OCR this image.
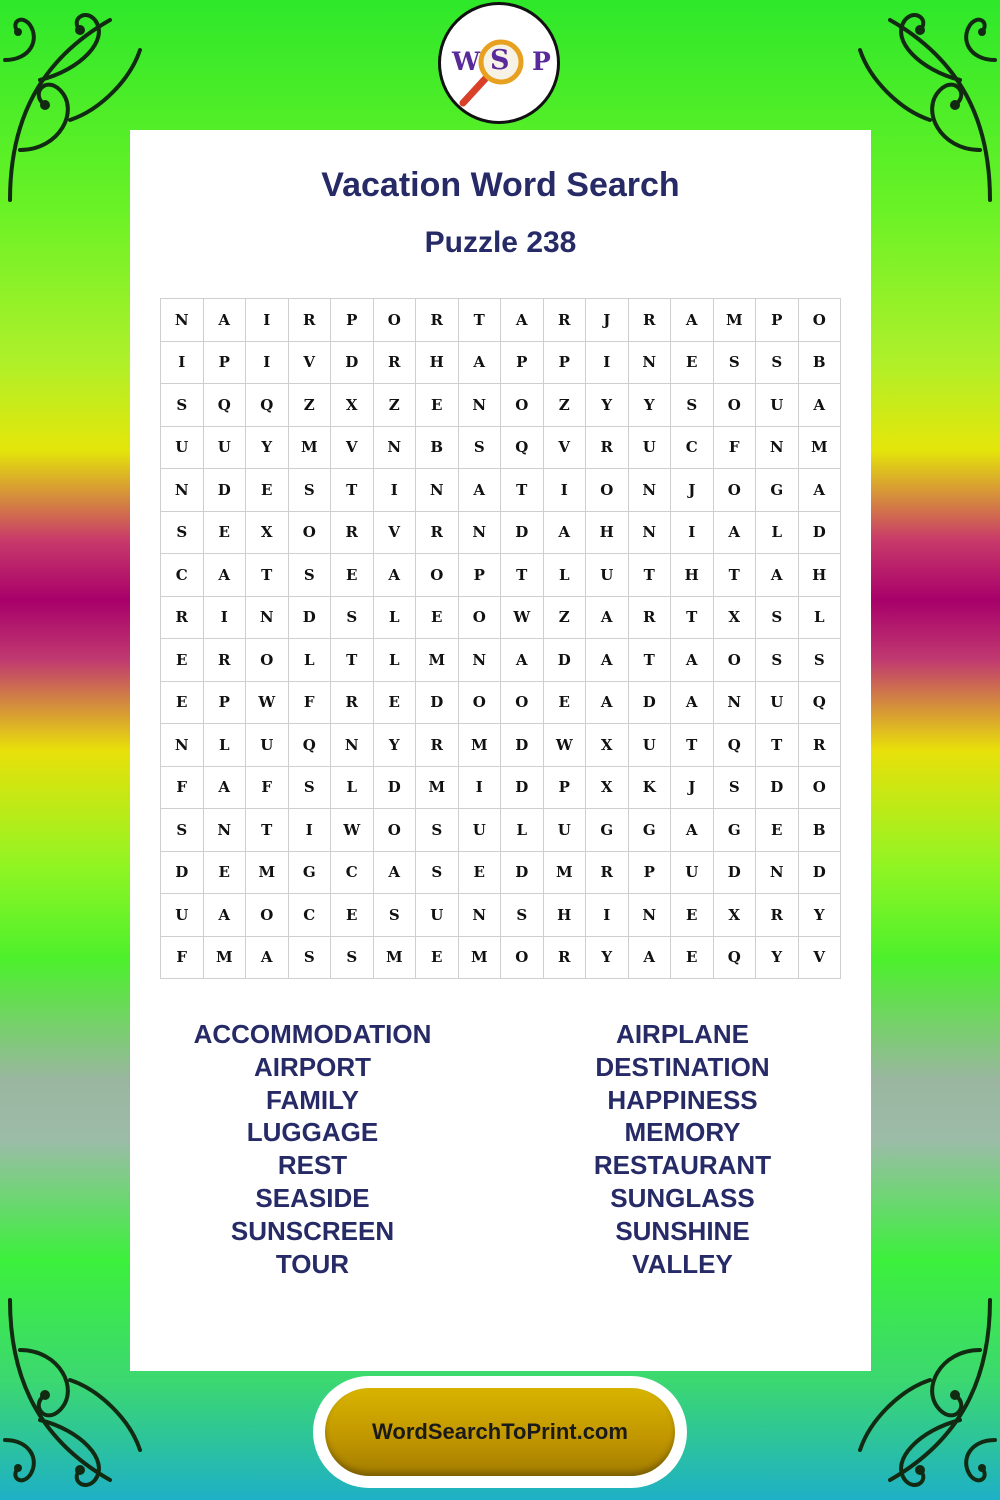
W S P
Vacation Word Search
Puzzle 238
N	A	I	R	P	O	R	T	A	R	J	R	A	M	P	O
I	P	I	V	D	R	H	A	P	P	I	N	E	S	S	B
S	Q	Q	Z	X	Z	E	N	O	Z	Y	Y	S	O	U	A
U	U	Y	M	V	N	B	S	Q	V	R	U	C	F	N	M
N	D	E	S	T	I	N	A	T	I	O	N	J	O	G	A
S	E	X	O	R	V	R	N	D	A	H	N	I	A	L	D
C	A	T	S	E	A	O	P	T	L	U	T	H	T	A	H
R	I	N	D	S	L	E	O	W	Z	A	R	T	X	S	L
E	R	O	L	T	L	M	N	A	D	A	T	A	O	S	S
E	P	W	F	R	E	D	O	O	E	A	D	A	N	U	Q
N	L	U	Q	N	Y	R	M	D	W	X	U	T	Q	T	R
F	A	F	S	L	D	M	I	D	P	X	K	J	S	D	O
S	N	T	I	W	O	S	U	L	U	G	G	A	G	E	B
D	E	M	G	C	A	S	E	D	M	R	P	U	D	N	D
U	A	O	C	E	S	U	N	S	H	I	N	E	X	R	Y
F	M	A	S	S	M	E	M	O	R	Y	A	E	Q	Y	V
ACCOMMODATION	AIRPLANE
AIRPORT	DESTINATION
FAMILY	HAPPINESS
LUGGAGE	MEMORY
REST	RESTAURANT
SEASIDE	SUNGLASS
SUNSCREEN	SUNSHINE
TOUR	VALLEY
WordSearchToPrint.com
